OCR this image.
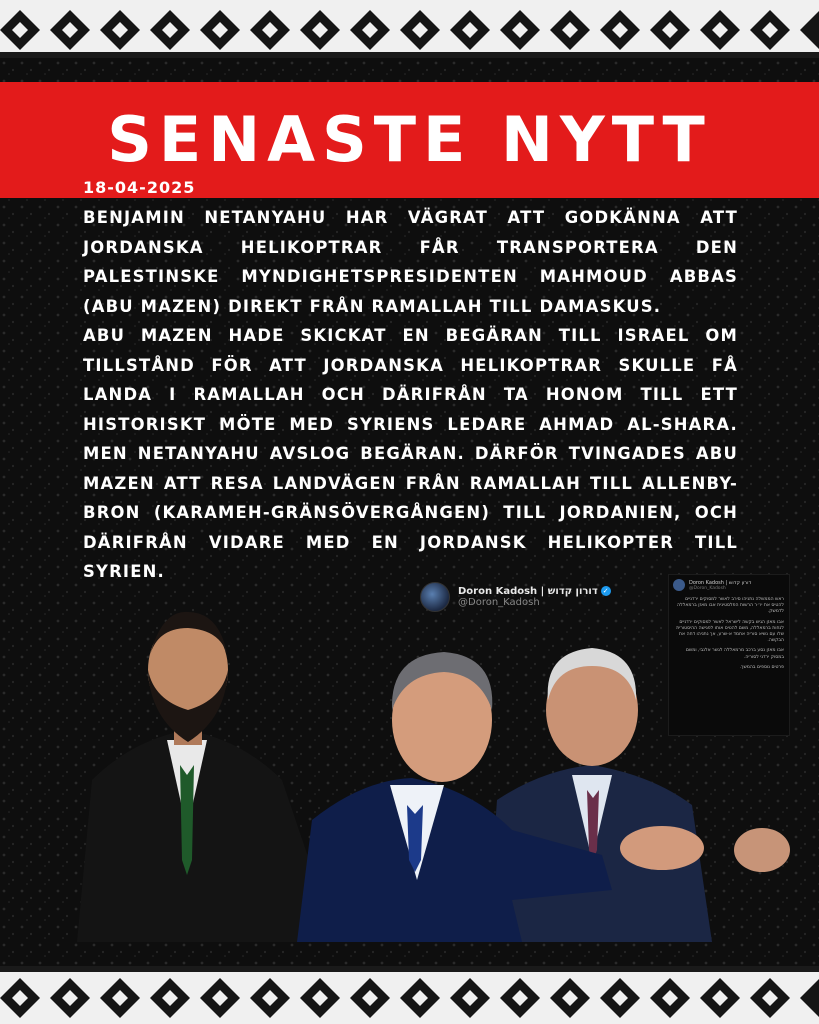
SENASTE NYTT
18-04-2025

BENJAMIN NETANYAHU HAR VÄGRAT ATT GODKÄNNA ATT JORDANSKA HELIKOPTRAR FÅR TRANSPORTERA DEN PALESTINSKE MYNDIGHETSPRESIDENTEN MAHMOUD ABBAS (ABU MAZEN) DIREKT FRÅN RAMALLAH TILL DAMASKUS.

ABU MAZEN HADE SKICKAT EN BEGÄRAN TILL ISRAEL OM TILLSTÅND FÖR ATT JORDANSKA HELIKOPTRAR SKULLE FÅ LANDA I RAMALLAH OCH DÄRIFRÅN TA HONOM TILL ETT HISTORISKT MÖTE MED SYRIENS LEDARE AHMAD AL-SHARA. MEN NETANYAHU AVSLOG BEGÄRAN. DÄRFÖR TVINGADES ABU MAZEN ATT RESA LANDVÄGEN FRÅN RAMALLAH TILL ALLENBY-BRON (KARAMEH-GRÄNSÖVERGÅNGEN) TILL JORDANIEN, OCH DÄRIFRÅN VIDARE MED EN JORDANSK HELIKOPTER TILL SYRIEN.

Doron Kadosh | דורון קדוש ✓
@Doron_Kadosh
Doron Kadosh | דורון קדוש
@Doron_Kadosh

ראש הממשלה נתניהו סירב לאשר למסוקים ירדניים להטיס את יו״ר הרשות הפלסטינית אבו מאזן ברמאללה לדמשק.

אבו מאזן הגיש בקשה לישראל לאשר למסוקים ירדניים לנחות ברמאללה, משם להטיס אותו לפגישה ההיסטורית שלו עם נשיא סוריה אחמד א-שרע, אך נתניהו דחה את הבקשה.

אבו מאזן נסע ברכב מרמאללה לגשר אלנבי, ומשם במסוק ירדני לסוריה.

פרטים נוספים בהמשך.
